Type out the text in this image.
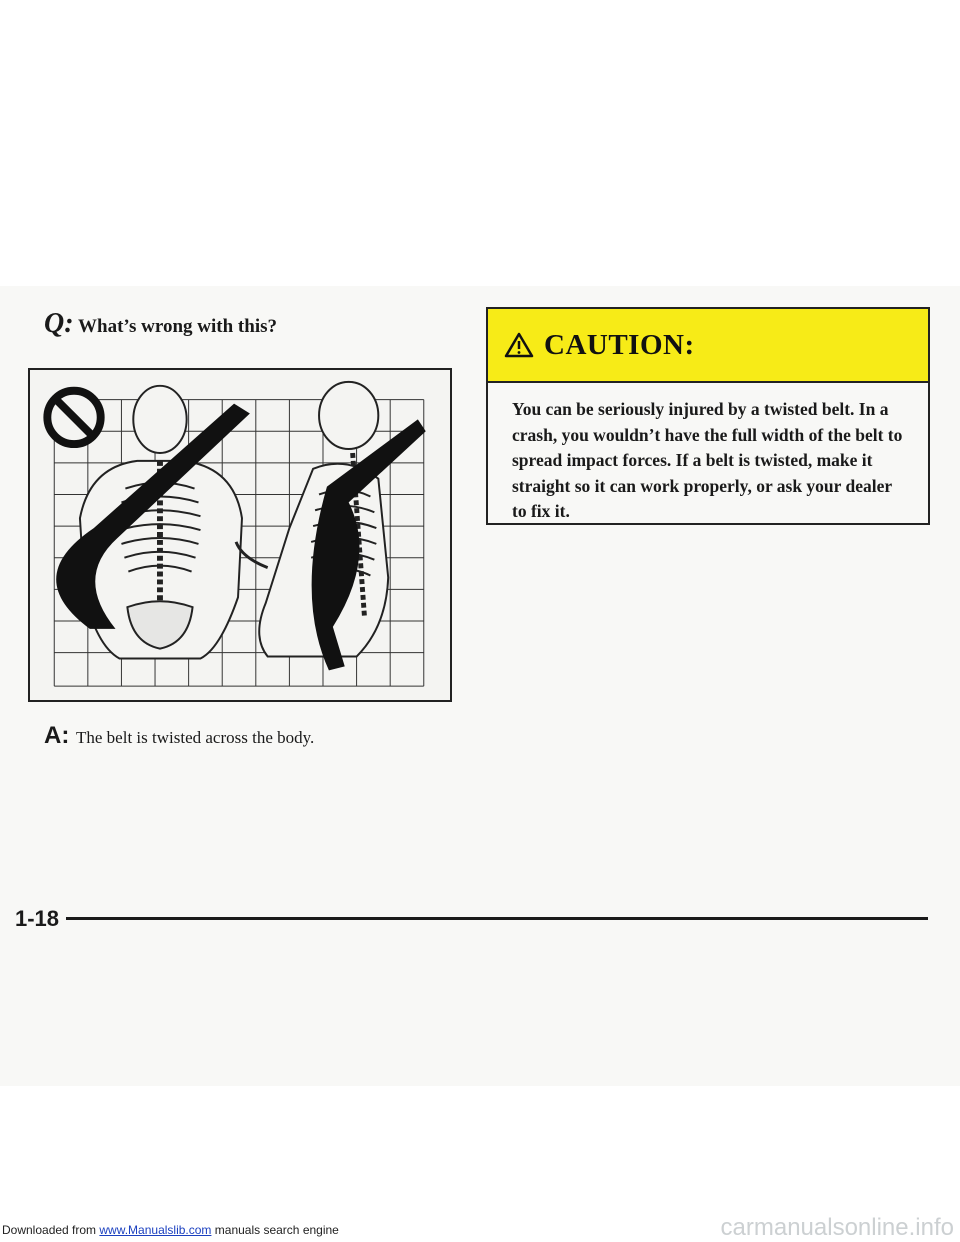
Q: What’s wrong with this?
A: The belt is twisted across the body.
CAUTION:
You can be seriously injured by a twisted belt. In a crash, you wouldn’t have the full width of the belt to spread impact forces. If a belt is twisted, make it straight so it can work properly, or ask your dealer to fix it.
1-18
Downloaded from www.Manualslib.com manuals search engine	carmanualsonline.info
